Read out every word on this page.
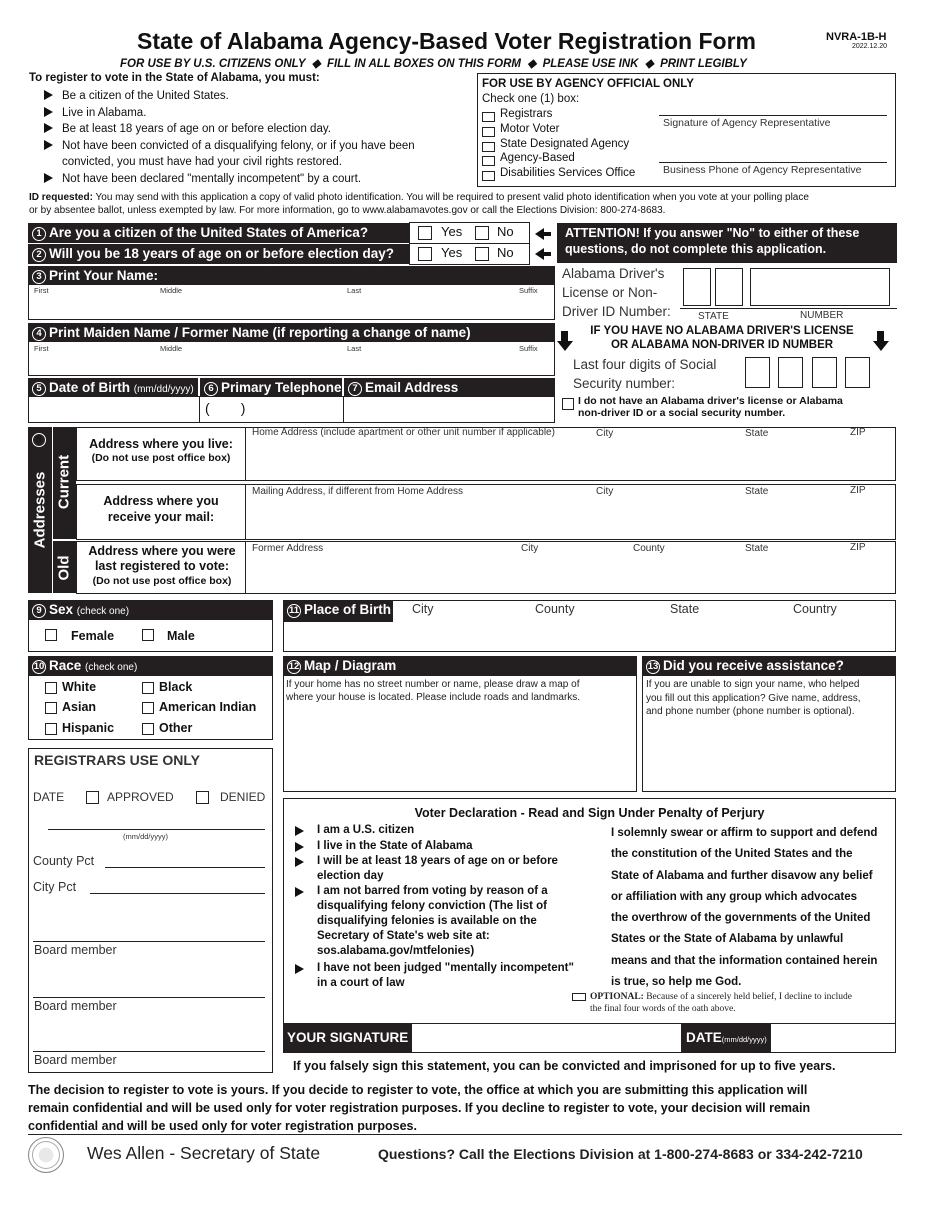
State of Alabama Agency-Based Voter Registration Form	NVRA-1B-H
2022.12.20
FOR USE BY U.S. CITIZENS ONLY  ◆  FILL IN ALL BOXES ON THIS FORM  ◆  PLEASE USE INK  ◆  PRINT LEGIBLY
To register to vote in the State of Alabama, you must:
Be a citizen of the United States.
Live in Alabama.
Be at least 18 years of age on or before election day.
Not have been convicted of a disqualifying felony, or if you have been
convicted, you must have had your civil rights restored.
Not have been declared "mentally incompetent" by a court.
FOR USE BY AGENCY OFFICIAL ONLY
Check one (1) box:
Registrars
Motor Voter
State Designated Agency
Agency-Based
Disabilities Services Office
Signature of Agency Representative
Business Phone of Agency Representative
ID requested: You may send with this application a copy of valid photo identification. You will be required to present valid photo identification when you vote at your polling place
or by absentee ballot, unless exempted by law. For more information, go to www.alabamavotes.gov or call the Elections Division: 800-274-8683.
1 Are you a citizen of the United States of America?	Yes	No
2 Will you be 18 years of age on or before election day?	Yes	No
ATTENTION! If you answer "No" to either of these
questions, do not complete this application.
3 Print Your Name:
First	Middle	Last	Suffix
4 Print Maiden Name / Former Name (if reporting a change of name)
First	Middle	Last	Suffix
Alabama Driver's
License or Non-
Driver ID Number:	STATE	NUMBER
IF YOU HAVE NO ALABAMA DRIVER'S LICENSE
OR ALABAMA NON-DRIVER ID NUMBER
Last four digits of Social
Security number:
I do not have an Alabama driver's license or Alabama
non-driver ID or a social security number.
5 Date of Birth (mm/dd/yyyy)	6 Primary Telephone	7 Email Address
(        )
8
Addresses Current
Old
Address where you live:
(Do not use post office box)
Home Address (include apartment or other unit number if applicable)	City	State	ZIP
Address where you
receive your mail:
Mailing Address, if different from Home Address	City	State	ZIP
Address where you were
last registered to vote:
(Do not use post office box)
Former Address	City	County	State	ZIP
9 Sex (check one)
Female	Male
10 Race (check one)
White	Black
Asian	American Indian
Hispanic	Other
11 Place of Birth City	County	State	Country
12 Map / Diagram
If your home has no street number or name, please draw a map of
where your house is located. Please include roads and landmarks.
13 Did you receive assistance?
If you are unable to sign your name, who helped
you fill out this application? Give name, address,
and phone number (phone number is optional).
REGISTRARS USE ONLY
DATE	APPROVED	DENIED
(mm/dd/yyyy)
County Pct
City Pct
Board member
Board member
Board member
Voter Declaration - Read and Sign Under Penalty of Perjury
I am a U.S. citizen
I live in the State of Alabama
I will be at least 18 years of age on or before
election day
I am not barred from voting by reason of a
disqualifying felony conviction (The list of
disqualifying felonies is available on the
Secretary of State's web site at:
sos.alabama.gov/mtfelonies)
I have not been judged "mentally incompetent"
in a court of law
I solemnly swear or affirm to support and defend
the constitution of the United States and the
State of Alabama and further disavow any belief
or affiliation with any group which advocates
the overthrow of the governments of the United
States or the State of Alabama by unlawful
means and that the information contained herein
is true, so help me God.
OPTIONAL: Because of a sincerely held belief, I decline to include
the final four words of the oath above.
YOUR SIGNATURE	DATE(mm/dd/yyyy)
If you falsely sign this statement, you can be convicted and imprisoned for up to five years.
The decision to register to vote is yours. If you decide to register to vote, the office at which you are submitting this application will
remain confidential and will be used only for voter registration purposes. If you decline to register to vote, your decision will remain
confidential and will be used only for voter registration purposes.
Wes Allen - Secretary of State	Questions? Call the Elections Division at 1-800-274-8683 or 334-242-7210
